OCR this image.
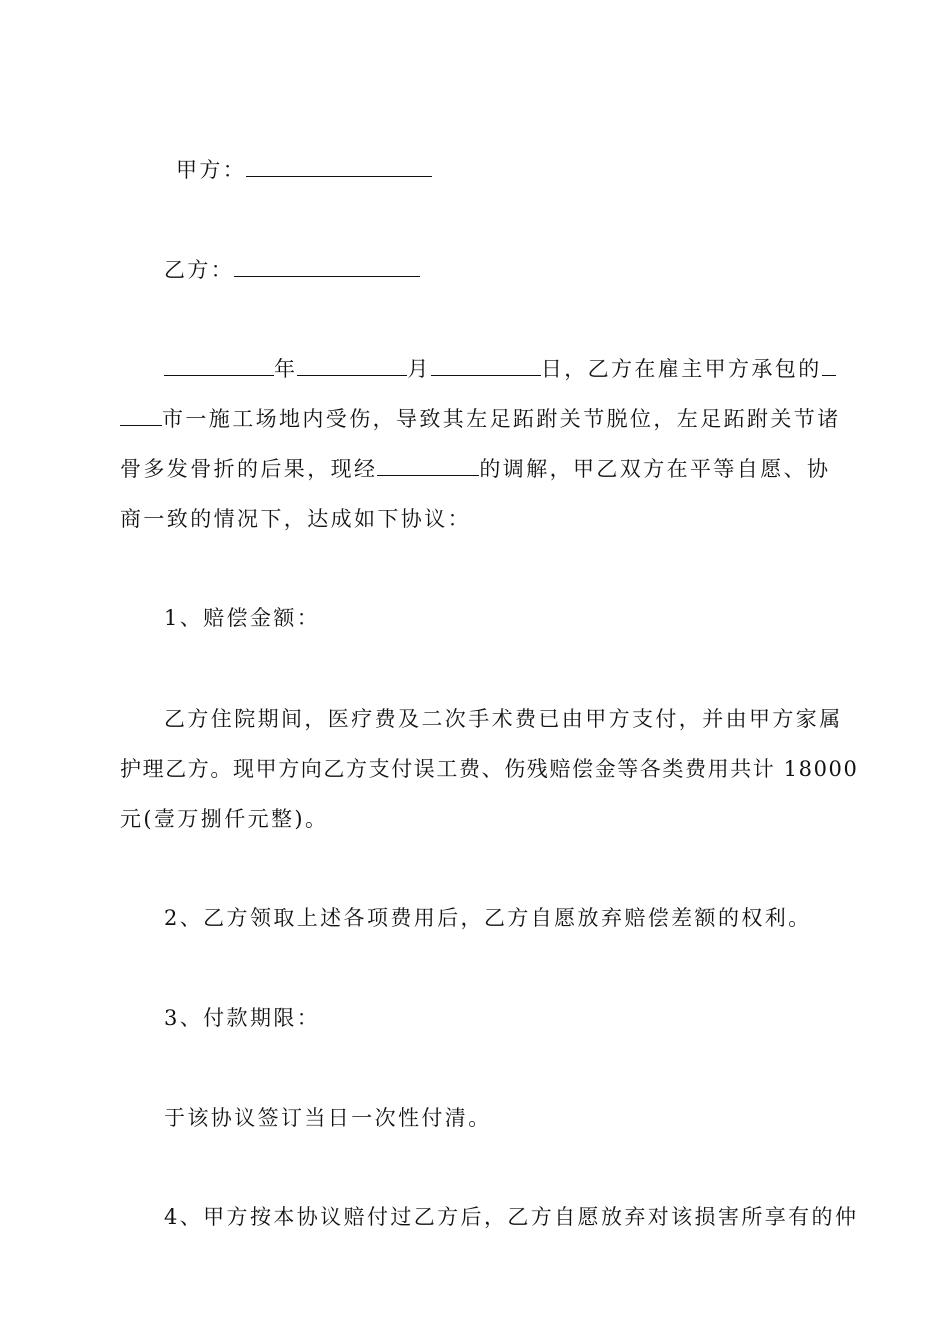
甲方：
乙方：
年	月	日，乙方在雇主甲方承包的
市一施工场地内受伤，导致其左足跖跗关节脱位，左足跖跗关节诸
骨多发骨折的后果，现经	的调解，甲乙双方在平等自愿、协
商一致的情况下，达成如下协议：
1、赔偿金额：
乙方住院期间，医疗费及二次手术费已由甲方支付，并由甲方家属
护理乙方。现甲方向乙方支付误工费、伤残赔偿金等各类费用共计 18000
元(壹万捌仟元整)。
2、乙方领取上述各项费用后，乙方自愿放弃赔偿差额的权利。
3、付款期限：
于该协议签订当日一次性付清。
4、甲方按本协议赔付过乙方后，乙方自愿放弃对该损害所享有的仲
